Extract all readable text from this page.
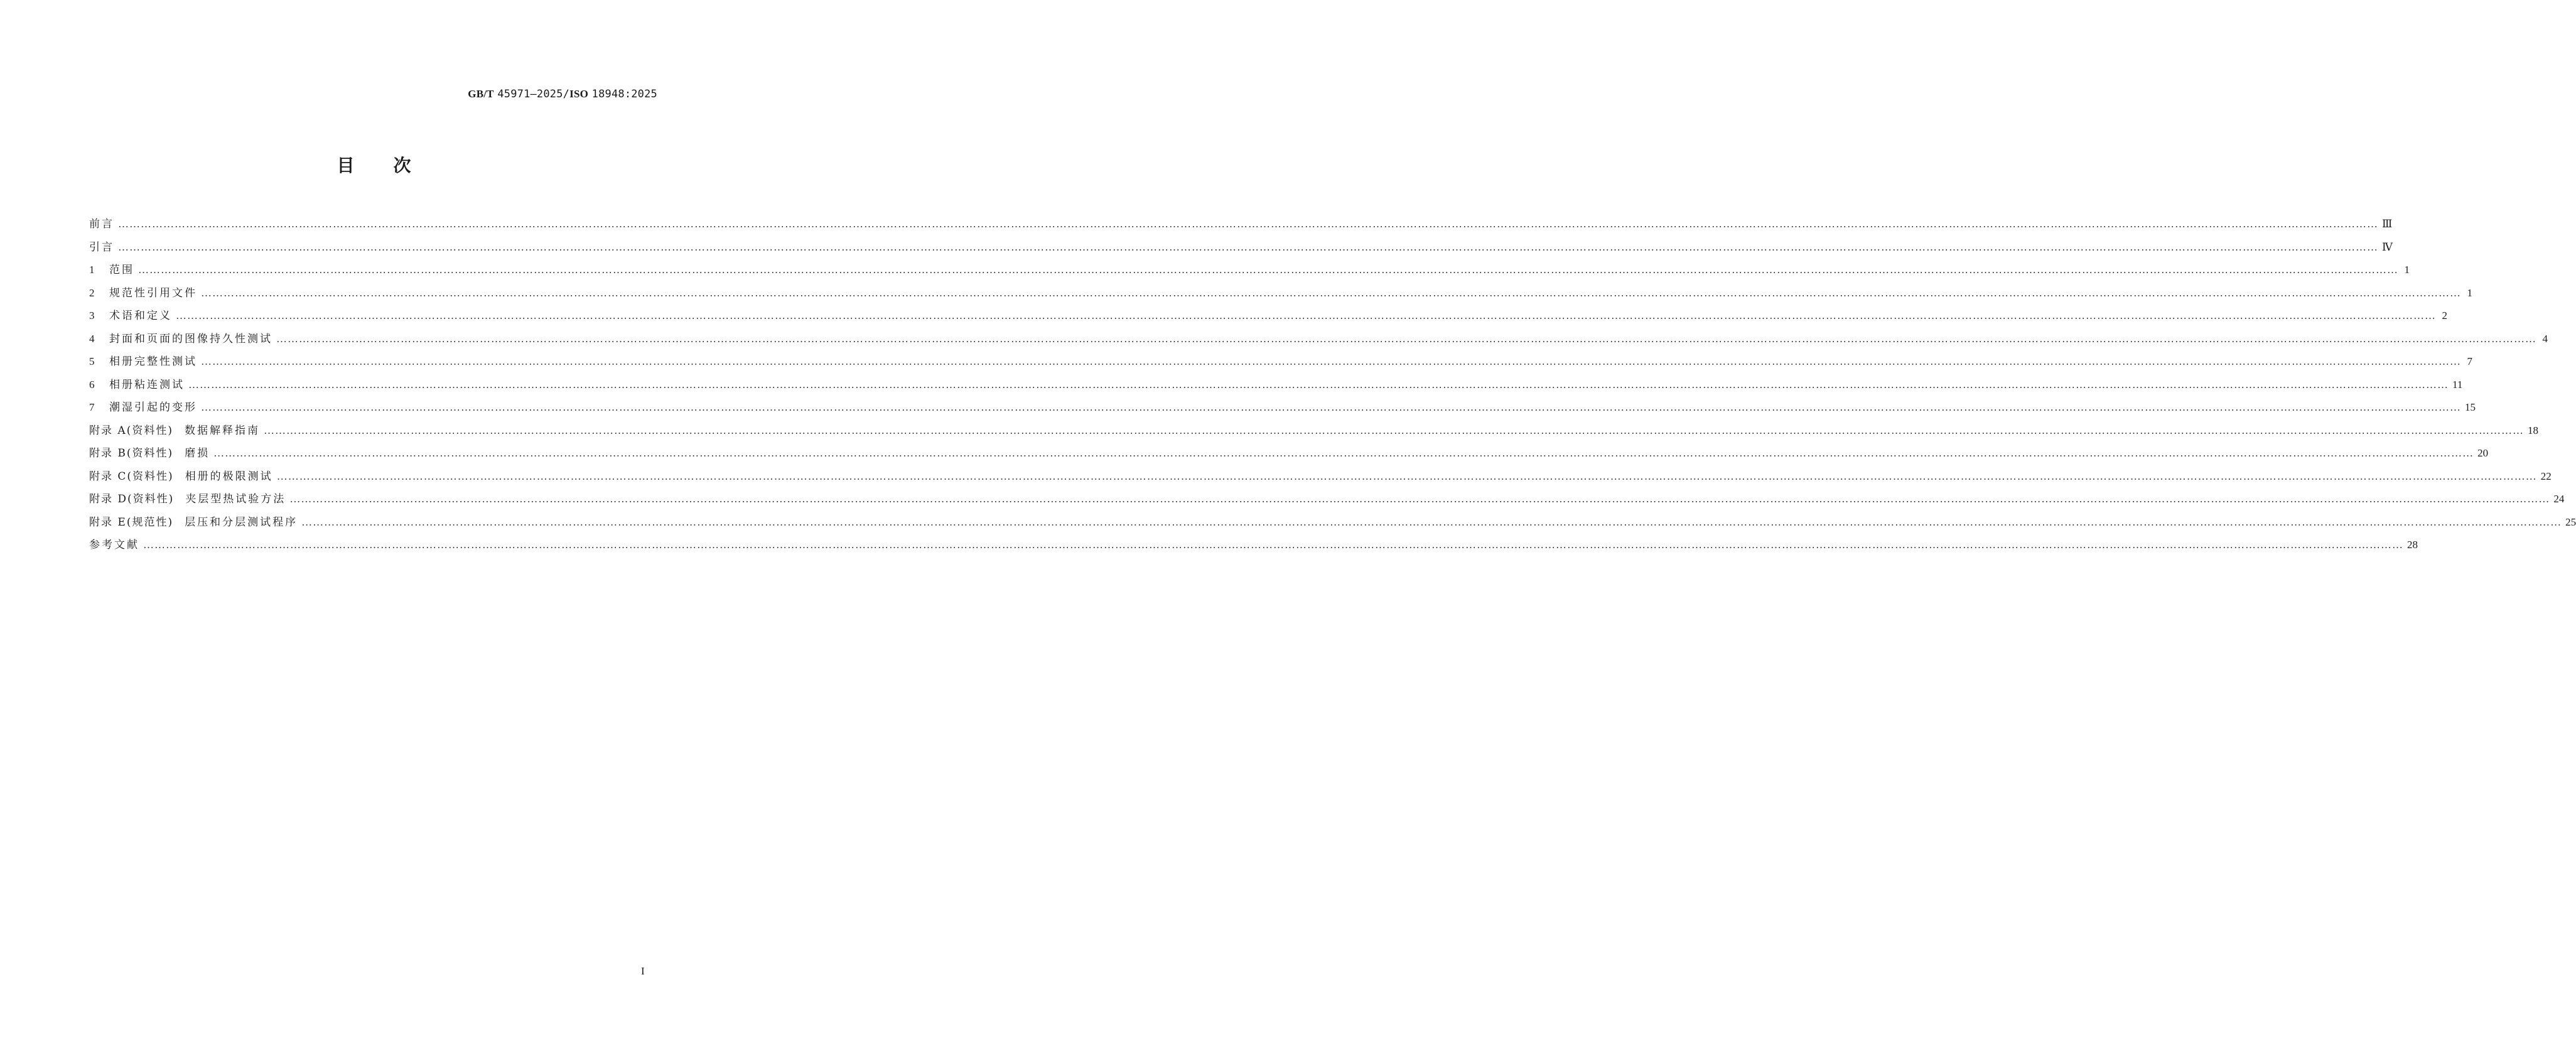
GB/T 45971—2025/ISO 18948:2025
目 次
前言 …………………………………………………………………………………………………………………………………………………………………………………………………………………………………………………………………………………………………………………………………………………………………………………………………………………………………………………………………………………………………………………………………………………… Ⅲ
引言 …………………………………………………………………………………………………………………………………………………………………………………………………………………………………………………………………………………………………………………………………………………………………………………………………………………………………………………………………………………………………………………………………………………… Ⅳ
1	范围 …………………………………………………………………………………………………………………………………………………………………………………………………………………………………………………………………………………………………………………………………………………………………………………………………………………………………………………………………………………………………………………………………………………… 1
2	规范性引用文件 …………………………………………………………………………………………………………………………………………………………………………………………………………………………………………………………………………………………………………………………………………………………………………………………………………………………………………………………………………………………………………………………………………………… 1
3	术语和定义 …………………………………………………………………………………………………………………………………………………………………………………………………………………………………………………………………………………………………………………………………………………………………………………………………………………………………………………………………………………………………………………………………………………… 2
4	封面和页面的图像持久性测试 …………………………………………………………………………………………………………………………………………………………………………………………………………………………………………………………………………………………………………………………………………………………………………………………………………………………………………………………………………………………………………………………………………………… 4
5	相册完整性测试 …………………………………………………………………………………………………………………………………………………………………………………………………………………………………………………………………………………………………………………………………………………………………………………………………………………………………………………………………………………………………………………………………………………… 7
6	相册粘连测试 …………………………………………………………………………………………………………………………………………………………………………………………………………………………………………………………………………………………………………………………………………………………………………………………………………………………………………………………………………………………………………………………………………………… 11
7	潮湿引起的变形 …………………………………………………………………………………………………………………………………………………………………………………………………………………………………………………………………………………………………………………………………………………………………………………………………………………………………………………………………………………………………………………………………………………… 15
附录 A (资料性) 数据解释指南 …………………………………………………………………………………………………………………………………………………………………………………………………………………………………………………………………………………………………………………………………………………………………………………………………………………………………………………………………………………………………………………………………………………… 18
附录 B (资料性) 磨损 …………………………………………………………………………………………………………………………………………………………………………………………………………………………………………………………………………………………………………………………………………………………………………………………………………………………………………………………………………………………………………………………………………………… 20
附录 C (资料性) 相册的极限测试 …………………………………………………………………………………………………………………………………………………………………………………………………………………………………………………………………………………………………………………………………………………………………………………………………………………………………………………………………………………………………………………………………………………… 22
附录 D (资料性) 夹层型热试验方法 …………………………………………………………………………………………………………………………………………………………………………………………………………………………………………………………………………………………………………………………………………………………………………………………………………………………………………………………………………………………………………………………………………………… 24
附录 E (规范性) 层压和分层测试程序 …………………………………………………………………………………………………………………………………………………………………………………………………………………………………………………………………………………………………………………………………………………………………………………………………………………………………………………………………………………………………………………………………………………… 25
参考文献 …………………………………………………………………………………………………………………………………………………………………………………………………………………………………………………………………………………………………………………………………………………………………………………………………………………………………………………………………………………………………………………………………………………… 28
I
